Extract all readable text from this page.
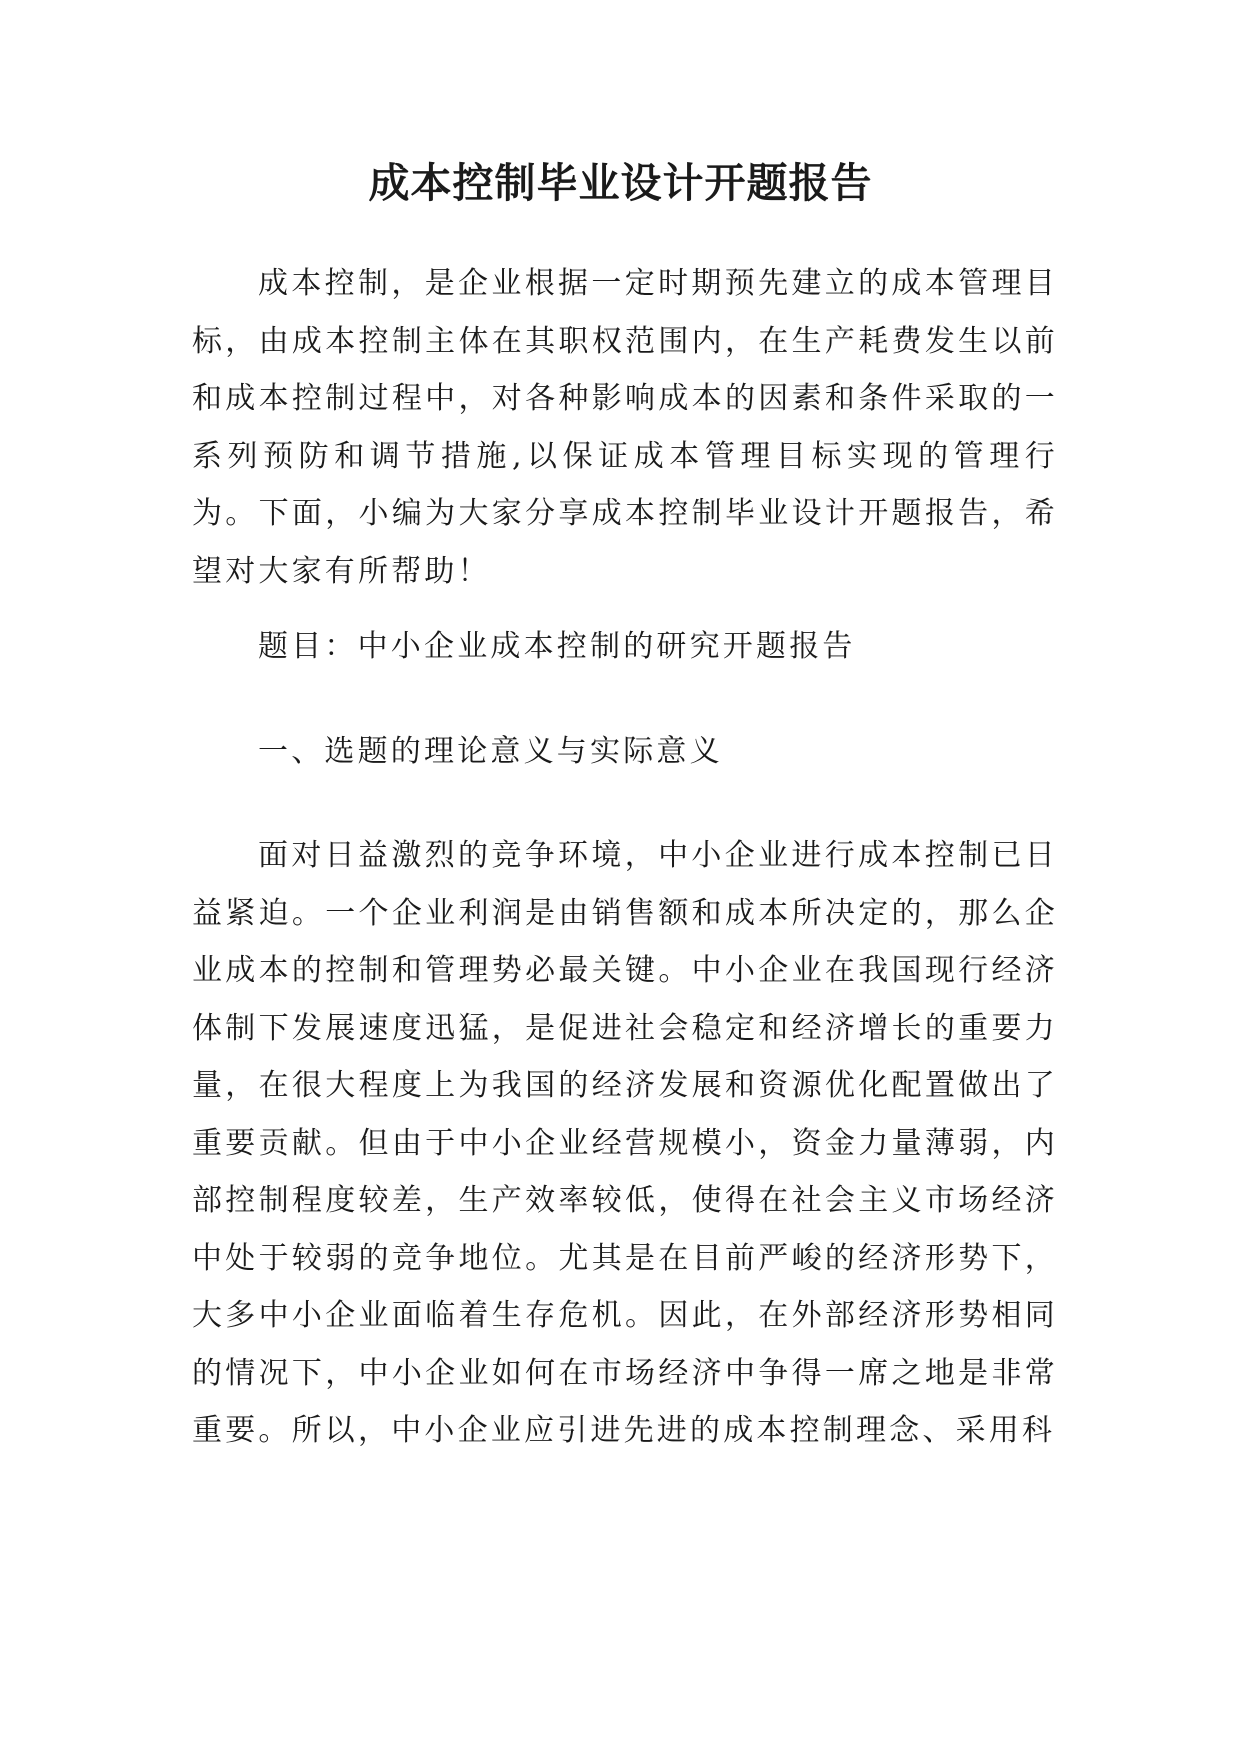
成本控制毕业设计开题报告

成本控制，是企业根据一定时期预先建立的成本管理目标，由成本控制主体在其职权范围内，在生产耗费发生以前和成本控制过程中，对各种影响成本的因素和条件采取的一系列预防和调节措施,以保证成本管理目标实现的管理行为。下面，小编为大家分享成本控制毕业设计开题报告，希望对大家有所帮助！

题目：中小企业成本控制的研究开题报告

一、选题的理论意义与实际意义

面对日益激烈的竞争环境，中小企业进行成本控制已日益紧迫。一个企业利润是由销售额和成本所决定的，那么企业成本的控制和管理势必最关键。中小企业在我国现行经济体制下发展速度迅猛，是促进社会稳定和经济增长的重要力量，在很大程度上为我国的经济发展和资源优化配置做出了重要贡献。但由于中小企业经营规模小，资金力量薄弱，内部控制程度较差，生产效率较低，使得在社会主义市场经济中处于较弱的竞争地位。尤其是在目前严峻的经济形势下，大多中小企业面临着生存危机。因此，在外部经济形势相同的情况下，中小企业如何在市场经济中争得一席之地是非常重要。所以，中小企业应引进先进的成本控制理念、采用科
